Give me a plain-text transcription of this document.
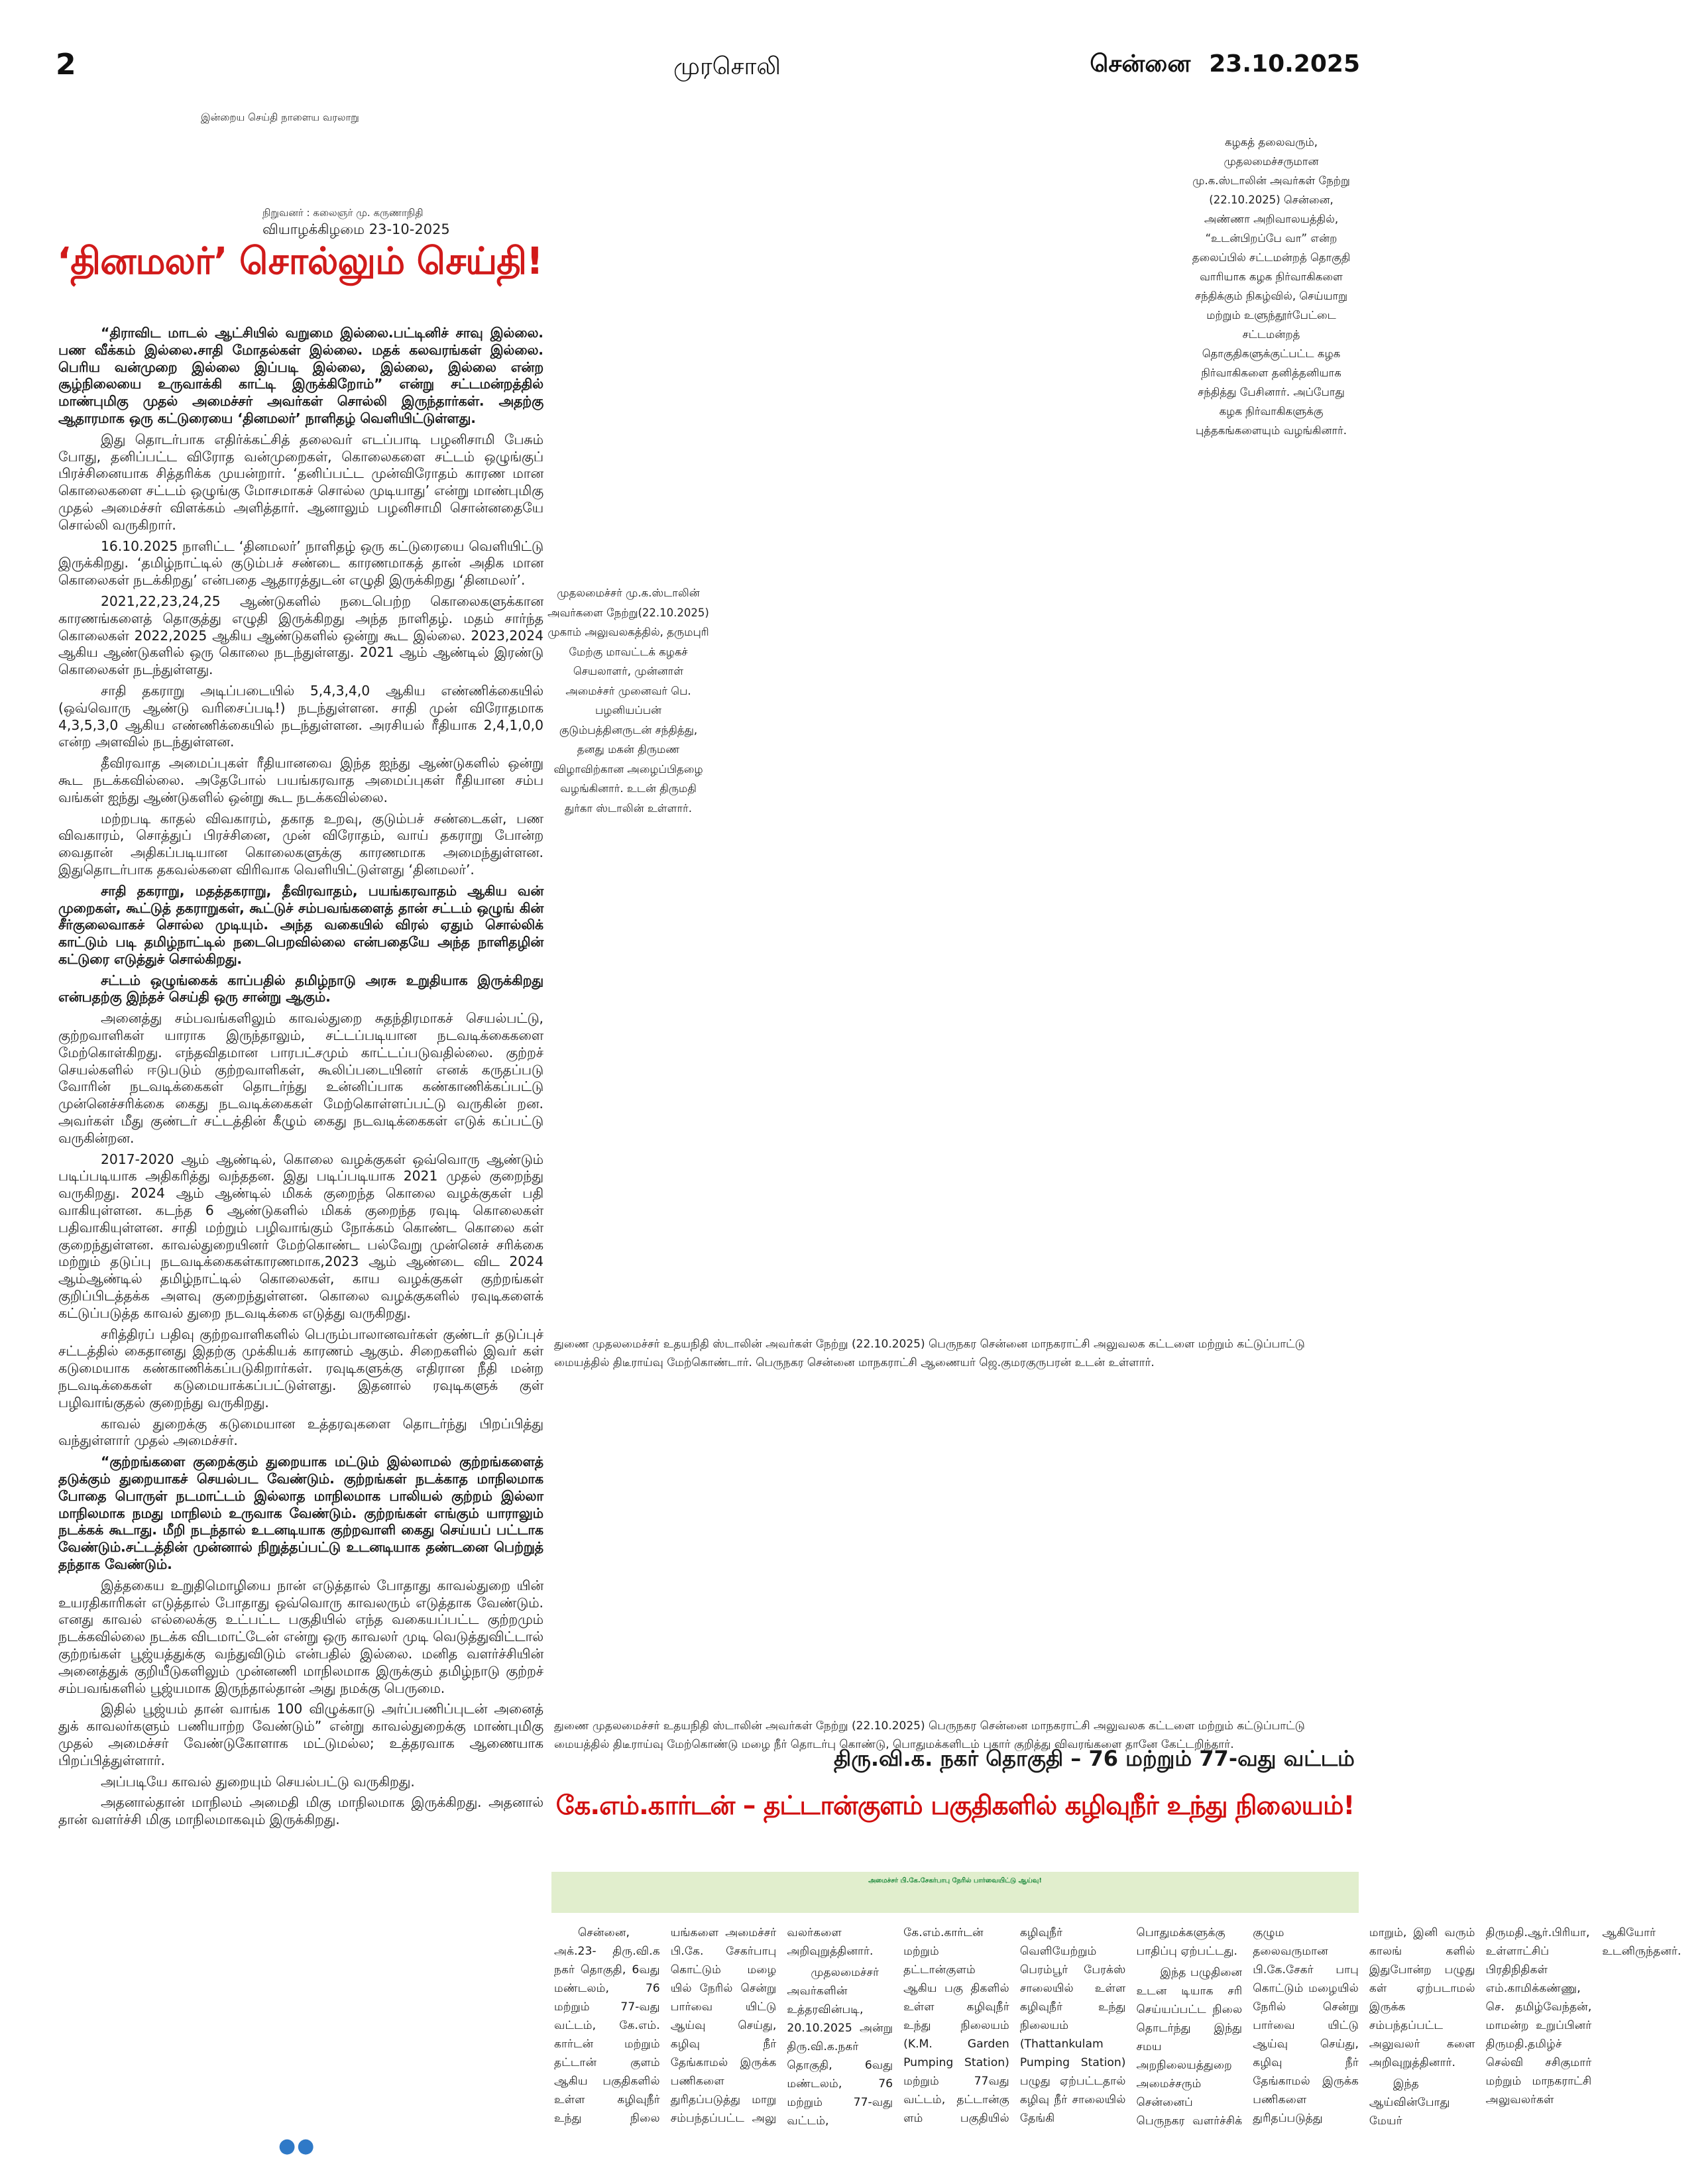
2	முரசொலி	சென்னை 23.10.2025
இன்றைய செய்தி நாளைய வரலாறு
நிறுவனர் : கலைஞர் மு. கருணாநிதி
வியாழக்கிழமை 23-10-2025
‘தினமலர்’ சொல்லும் செய்தி!

“திராவிட மாடல் ஆட்சியில் வறுமை இல்லை.பட்டினிச் சாவு இல்லை. பண வீக்கம் இல்லை.சாதி மோதல்கள் இல்லை. மதக் கலவரங்கள் இல்லை. பெரிய வன்முறை இல்லை இப்படி இல்லை, இல்லை, இல்லை என்ற சூழ்நிலையை உருவாக்கி காட்டி இருக்கிறோம்” என்று சட்டமன்றத்தில் மாண்புமிகு முதல் அமைச்சர் அவர்கள் சொல்லி இருந்தார்கள். அதற்கு ஆதாரமாக ஒரு கட்டுரையை ‘தினமலர்’ நாளிதழ் வெளியிட்டுள்ளது.

இது தொடர்பாக எதிர்க்கட்சித் தலைவர் எடப்பாடி பழனிசாமி பேசும் போது, தனிப்பட்ட விரோத வன்முறைகள், கொலைகளை சட்டம் ஒழுங்குப் பிரச்சினையாக சித்தரிக்க முயன்றார். ‘தனிப்பட்ட முன்விரோதம் காரண மான கொலைகளை சட்டம் ஒழுங்கு மோசமாகச் சொல்ல முடியாது’ என்று மாண்புமிகு முதல் அமைச்சர் விளக்கம் அளித்தார். ஆனாலும் பழனிசாமி சொன்னதையே சொல்லி வருகிறார்.

16.10.2025 நாளிட்ட ‘தினமலர்’ நாளிதழ் ஒரு கட்டுரையை வெளியிட்டு இருக்கிறது. ‘தமிழ்நாட்டில் குடும்பச் சண்டை காரணமாகத் தான் அதிக மான கொலைகள் நடக்கிறது’ என்பதை ஆதாரத்துடன் எழுதி இருக்கிறது ‘தினமலர்’.

2021,22,23,24,25 ஆண்டுகளில் நடைபெற்ற கொலைகளுக்கான காரணங்களைத் தொகுத்து எழுதி இருக்கிறது அந்த நாளிதழ். மதம் சார்ந்த கொலைகள் 2022,2025 ஆகிய ஆண்டுகளில் ஒன்று கூட இல்லை. 2023,2024 ஆகிய ஆண்டுகளில் ஒரு கொலை நடந்துள்ளது. 2021 ஆம் ஆண்டில் இரண்டு கொலைகள் நடந்துள்ளது.

சாதி தகராறு அடிப்படையில் 5,4,3,4,0 ஆகிய எண்ணிக்கையில் (ஒவ்வொரு ஆண்டு வரிசைப்படி!) நடந்துள்ளன. சாதி முன் விரோதமாக 4,3,5,3,0 ஆகிய எண்ணிக்கையில் நடந்துள்ளன. அரசியல் ரீதியாக 2,4,1,0,0 என்ற அளவில் நடந்துள்ளன.

தீவிரவாத அமைப்புகள் ரீதியானவை இந்த ஐந்து ஆண்டுகளில் ஒன்று கூட நடக்கவில்லை. அதேபோல் பயங்கரவாத அமைப்புகள் ரீதியான சம்ப வங்கள் ஐந்து ஆண்டுகளில் ஒன்று கூட நடக்கவில்லை.

மற்றபடி காதல் விவகாரம், தகாத உறவு, குடும்பச் சண்டைகள், பண விவகாரம், சொத்துப் பிரச்சினை, முன் விரோதம், வாய் தகராறு போன்ற வைதான் அதிகப்படியான கொலைகளுக்கு காரணமாக அமைந்துள்ளன. இதுதொடர்பாக தகவல்களை விரிவாக வெளியிட்டுள்ளது ‘தினமலர்’.

சாதி தகராறு, மதத்தகராறு, தீவிரவாதம், பயங்கரவாதம் ஆகிய வன் முறைகள், கூட்டுத் தகராறுகள், கூட்டுச் சம்பவங்களைத் தான் சட்டம் ஒழுங் கின் சீர்குலைவாகச் சொல்ல முடியும். அந்த வகையில் விரல் ஏதும் சொல்லிக் காட்டும் படி தமிழ்நாட்டில் நடைபெறவில்லை என்பதையே அந்த நாளிதழின் கட்டுரை எடுத்துச் சொல்கிறது.

சட்டம் ஒழுங்கைக் காப்பதில் தமிழ்நாடு அரசு உறுதியாக இருக்கிறது என்பதற்கு இந்தச் செய்தி ஒரு சான்று ஆகும்.

அனைத்து சம்பவங்களிலும் காவல்துறை சுதந்திரமாகச் செயல்பட்டு, குற்றவாளிகள் யாராக இருந்தாலும், சட்டப்படியான நடவடிக்கைகளை மேற்கொள்கிறது. எந்தவிதமான பாரபட்சமும் காட்டப்படுவதில்லை. குற்றச் செயல்களில் ஈடுபடும் குற்றவாளிகள், கூலிப்படையினர் எனக் கருதப்படு வோரின் நடவடிக்கைகள் தொடர்ந்து உன்னிப்பாக கண்காணிக்கப்பட்டு முன்னெச்சரிக்கை கைது நடவடிக்கைகள் மேற்கொள்ளப்பட்டு வருகின் றன. அவர்கள் மீது குண்டர் சட்டத்தின் கீழும் கைது நடவடிக்கைகள் எடுக் கப்பட்டு வருகின்றன.

2017-2020 ஆம் ஆண்டில், கொலை வழக்குகள் ஒவ்வொரு ஆண்டும் படிப்படியாக அதிகரித்து வந்ததன. இது படிப்படியாக 2021 முதல் குறைந்து வருகிறது. 2024 ஆம் ஆண்டில் மிகக் குறைந்த கொலை வழக்குகள் பதி வாகியுள்ளன. கடந்த 6 ஆண்டுகளில் மிகக் குறைந்த ரவுடி கொலைகள் பதிவாகியுள்ளன. சாதி மற்றும் பழிவாங்கும் நோக்கம் கொண்ட கொலை கள் குறைந்துள்ளன. காவல்துறையினர் மேற்கொண்ட பல்வேறு முன்னெச் சரிக்கை மற்றும் தடுப்பு நடவடிக்கைகள்காரணமாக,2023 ஆம் ஆண்டை விட 2024 ஆம்ஆண்டில் தமிழ்நாட்டில் கொலைகள், காய வழக்குகள் குற்றங்கள் குறிப்பிடத்தக்க அளவு குறைந்துள்ளன. கொலை வழக்குகளில் ரவுடிகளைக் கட்டுப்படுத்த காவல் துறை நடவடிக்கை எடுத்து வருகிறது.

சரித்திரப் பதிவு குற்றவாளிகளில் பெரும்பாலானவர்கள் குண்டர் தடுப்புச் சட்டத்தில் கைதானது இதற்கு முக்கியக் காரணம் ஆகும். சிறைகளில் இவர் கள் கடுமையாக கண்காணிக்கப்படுகிறார்கள். ரவுடிகளுக்கு எதிரான நீதி மன்ற நடவடிக்கைகள் கடுமையாக்கப்பட்டுள்ளது. இதனால் ரவுடிகளுக் குள் பழிவாங்குதல் குறைந்து வருகிறது.

காவல் துறைக்கு கடுமையான உத்தரவுகளை தொடர்ந்து பிறப்பித்து வந்துள்ளார் முதல் அமைச்சர்.

“குற்றங்களை குறைக்கும் துறையாக மட்டும் இல்லாமல் குற்றங்களைத் தடுக்கும் துறையாகச் செயல்பட வேண்டும். குற்றங்கள் நடக்காத மாநிலமாக போதை பொருள் நடமாட்டம் இல்லாத மாநிலமாக பாலியல் குற்றம் இல்லா மாநிலமாக நமது மாநிலம் உருவாக வேண்டும். குற்றங்கள் எங்கும் யாராலும் நடக்கக் கூடாது. மீறி நடந்தால் உடனடியாக குற்றவாளி கைது செய்யப் பட்டாக வேண்டும்.சட்டத்தின் முன்னால் நிறுத்தப்பட்டு உடனடியாக தண்டனை பெற்றுத் தந்தாக வேண்டும்.

இத்தகைய உறுதிமொழியை நான் எடுத்தால் போதாது காவல்துறை யின் உயரதிகாரிகள் எடுத்தால் போதாது ஒவ்வொரு காவலரும் எடுத்தாக வேண்டும். எனது காவல் எல்லைக்கு உட்பட்ட பகுதியில் எந்த வகையப்பட்ட குற்றமும் நடக்கவில்லை நடக்க விடமாட்டேன் என்று ஒரு காவலர் முடி வெடுத்துவிட்டால் குற்றங்கள் பூஜ்யத்துக்கு வந்துவிடும் என்பதில் இல்லை. மனித வளர்ச்சியின் அனைத்துக் குறியீடுகளிலும் முன்னணி மாநிலமாக இருக்கும் தமிழ்நாடு குற்றச் சம்பவங்களில் பூஜ்யமாக இருந்தால்தான் அது நமக்கு பெருமை.

இதில் பூஜ்யம் தான் வாங்க 100 விழுக்காடு அர்ப்பணிப்புடன் அனைத் துக் காவலர்களும் பணியாற்ற வேண்டும்” என்று காவல்துறைக்கு மாண்புமிகு முதல் அமைச்சர் வேண்டுகோளாக மட்டுமல்ல; உத்தரவாக ஆணையாக பிறப்பித்துள்ளார்.

அப்படியே காவல் துறையும் செயல்பட்டு வருகிறது.

அதனால்தான் மாநிலம் அமைதி மிகு மாநிலமாக இருக்கிறது. அதனால் தான் வளர்ச்சி மிகு மாநிலமாகவும் இருக்கிறது.

●●
கழகத் தலைவரும், முதலமைச்சருமான மு.க.ஸ்டாலின் அவர்கள் நேற்று (22.10.2025) சென்னை, அண்ணா அறிவாலயத்தில், “உடன்பிறப்பே வா” என்ற தலைப்பில் சட்டமன்றத் தொகுதி வாரியாக கழக நிர்வாகிகளை சந்திக்கும் நிகழ்வில், செய்யாறு மற்றும் உளுந்தூர்பேட்டை சட்டமன்றத் தொகுதிகளுக்குட்பட்ட கழக நிர்வாகிகளை தனித்தனியாக சந்தித்து பேசினார். அப்போது கழக நிர்வாகிகளுக்கு புத்தகங்களையும் வழங்கினார்.
முதலமைச்சர் மு.க.ஸ்டாலின் அவர்களை நேற்று(22.10.2025) முகாம் அலுவலகத்தில், தருமபுரி மேற்கு மாவட்டக் கழகச் செயலாளர், முன்னாள் அமைச்சர் முனைவர் பெ. பழனியப்பன் குடும்பத்தினருடன் சந்தித்து, தனது மகன் திருமண விழாவிற்கான அழைப்பிதழை வழங்கினார். உடன் திருமதி துர்கா ஸ்டாலின் உள்ளார்.
துணை முதலமைச்சர் உதயநிதி ஸ்டாலின் அவர்கள் நேற்று (22.10.2025) பெருநகர சென்னை மாநகராட்சி அலுவலக கட்டளை மற்றும் கட்டுப்பாட்டு மையத்தில் திடீராய்வு மேற்கொண்டார். பெருநகர சென்னை மாநகராட்சி ஆணையர் ஜெ.குமரகுருபரன் உடன் உள்ளார்.
துணை முதலமைச்சர் உதயநிதி ஸ்டாலின் அவர்கள் நேற்று (22.10.2025) பெருநகர சென்னை மாநகராட்சி அலுவலக கட்டளை மற்றும் கட்டுப்பாட்டு மையத்தில் திடீராய்வு மேற்கொண்டு மழை நீர் தொடர்பு கொண்டு, பொதுமக்களிடம் புகார் குறித்து விவரங்களை தானே கேட்டறிந்தார்.
திரு.வி.க. நகர் தொகுதி – 76 மற்றும் 77-வது வட்டம்
கே.எம்.கார்டன் – தட்டான்குளம் பகுதிகளில் கழிவுநீர் உந்து நிலையம்!
அமைச்சர் பி.கே.சேகர்பாபு நேரில் பார்வையிட்டு ஆய்வு!

சென்னை, அக்.23- திரு.வி.க நகர் தொகுதி, 6வது மண்டலம், 76 மற்றும் 77-வது வட்டம், கே.எம். கார்டன் மற்றும் தட்டான் குளம் ஆகிய பகுதிகளில் உள்ள கழிவுநீர் உந்து நிலை யங்களை அமைச்சர் பி.கே. சேகர்பாபு கொட்டும் மழை யில் நேரில் சென்று பார்வை யிட்டு ஆய்வு செய்து, கழிவு நீர் தேங்காமல் இருக்க பணிகளை துரிதப்படுத்து மாறு சம்பந்தப்பட்ட அலு வலர்களை அறிவுறுத்தினார்.

முதலமைச்சர் அவர்களின் உத்தரவின்படி, 20.10.2025 அன்று திரு.வி.க.நகர் தொகுதி, 6வது மண்டலம், 76 மற்றும் 77-வது வட்டம், கே.எம்.கார்டன் மற்றும் தட்டான்குளம் ஆகிய பகு திகளில் உள்ள கழிவுநீர் உந்து நிலையம் (K.M. Garden Pumping Station) மற்றும் 77வது வட்டம், தட்டான்கு ளம் பகுதியில் கழிவுநீர் வெளியேற்றும் பெரம்பூர் பேரக்ஸ் சாலையில் உள்ள கழிவுநீர் உந்து நிலையம் (Thattankulam Pumping Station) பழுது ஏற்பட்டதால் கழிவு நீர் சாலையில் தேங்கி பொதுமக்களுக்கு பாதிப்பு ஏற்பட்டது.

இந்த பழுதினை உடன டியாக சரி செய்யப்பட்ட நிலை தொடர்ந்து இந்து சமய அறநிலையத்துறை அமைச்சரும் சென்னைப் பெருநகர வளர்ச்சிக் குழும தலைவருமான பி.கே.சேகர் பாபு கொட்டும் மழையில் நேரில் சென்று பார்வை யிட்டு ஆய்வு செய்து, கழிவு நீர் தேங்காமல் இருக்க பணிகளை துரிதப்படுத்து மாறும், இனி வரும் காலங் களில் இதுபோன்ற பழுது கள் ஏற்படாமல் இருக்க சம்பந்தப்பட்ட அலுவலர் களை அறிவுறுத்தினார்.

இந்த ஆய்வின்போது மேயர் திருமதி.ஆர்.பிரியா, உள்ளாட்சிப் பிரதிநிதிகள் எம்.காமிக்கண்ணு, செ. தமிழ்வேந்தன், மாமன்ற உறுப்பினர் திருமதி.தமிழ்ச் செல்வி சசிகுமார் மற்றும் மாநகராட்சி அலுவலர்கள் ஆகியோர் உடனிருந்தனர்.
